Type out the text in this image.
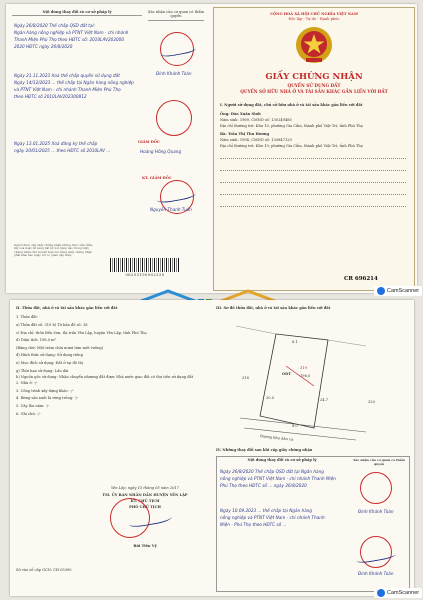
Nội dung thay đổi và cơ sở pháp lý	Xác nhận của cơ quan có thẩm quyền
Ngày 26/8/2020 Thế chấp QSD đất tại:
Ngân hàng nông nghiệp và PTNT Việt Nam - chi nhánh
Thanh Miện Phú Thọ theo HĐTC số: 2010LAV202000
2020 HĐTC ngày 26/8/2020
Ngày 21.11.2023 Xoá thế chấp quyền sử dụng đất
Ngày 14/12/2023 ... thế chấp tại Ngân hàng nông nghiệp
và PTNT Việt Nam - chi nhánh Thanh Miện Phú Thọ
theo HĐTC số 2010LAV202300812
Ngày 13.01.2025 Xoá đăng ký thế chấp
ngày 20/01/2025 ... theo HĐTC số 2010LAV ...
Đinh Khánh Toàn
GIÁM ĐỐC
Hoàng Hồng Quang
KT. GIÁM ĐỐC
Nguyễn Thanh Tuấn
Người được cấp Giấy chứng nhận không được sửa chữa, tẩy xoá hoặc bổ sung bất kỳ nội dung nào trong Giấy chứng nhận; khi bị mất hoặc hư hỏng Giấy chứng nhận phải khai báo ngay với cơ quan cấp Giấy.
06253190002330
CỘNG HOÀ XÃ HỘI CHỦ NGHĨA VIỆT NAM
Độc lập - Tự do - Hạnh phúc
GIẤY CHỨNG NHẬN
QUYỀN SỬ DỤNG ĐẤT
QUYỀN SỞ HỮU NHÀ Ở VÀ TÀI SẢN KHÁC GẮN LIỀN VỚI ĐẤT
I. Người sử dụng đất, chủ sở hữu nhà ở và tài sản khác gắn liền với đất
Ông: Đào Xuân Sinh
Năm sinh: 1969, CMND số: 130249485
Địa chỉ thường trú: Khu 10, phường Gia Cẩm, thành phố Việt Trì, tỉnh Phú Thọ
Bà: Trần Thị Thu Hương
Năm sinh: 1994, CMND số: 130847129
Địa chỉ thường trú: Khu 10, phường Gia Cẩm, thành phố Việt Trì, tỉnh Phú Thọ
CR 696214
CamScanner
II. Thửa đất, nhà ở và tài sản khác gắn liền với đất
1. Thửa đất:
a) Thửa đất số: 319 b) Tờ bản đồ số: 18
c) Địa chỉ: thôn Bến Sơn, thị trấn Yên Lập, huyện Yên Lập, tỉnh Phú Thọ
d) Diện tích: 198,0 m²
(Bằng chữ: Một trăm chín mươi tám mét vuông)
đ) Hình thức sử dụng: Sử dụng riêng
e) Mục đích sử dụng: Đất ở tại đô thị
g) Thời hạn sử dụng: Lâu dài
h) Nguồn gốc sử dụng: Nhận chuyển nhượng đất được Nhà nước giao đất có thu tiền sử dụng đất
2. Nhà ở: -/-
3. Công trình xây dựng khác: -/-
4. Rừng sản xuất là rừng trồng: -/-
5. Cây lâu năm: -/-
6. Ghi chú: -/-
Yên Lập, ngày 15 tháng 05 năm 2017
TM. ỦY BAN NHÂN DÂN HUYỆN YÊN LẬP
KT. CHỦ TỊCH
PHÓ CHỦ TỊCH
Bùi Tiến Vỹ
Số vào sổ cấp GCN: CH 05390
III. Sơ đồ thửa đất, nhà ở và tài sản khác gắn liền với đất
ODT
319
198,0
318
320
Đường khu dân cư
20.0	24.7
8.0
8.1
IV. Những thay đổi sau khi cấp giấy chứng nhận
Nội dung thay đổi và cơ sở pháp lý	Xác nhận của cơ quan có thẩm quyền
Ngày 26/8/2020 Thế chấp QSD đất tại Ngân hàng
nông nghiệp và PTNT Việt Nam - chi nhánh Thanh Miện
Phú Thọ theo HĐTC số ... ngày 26/8/2020
Ngày 10.09.2023 ... thế chấp tại Ngân hàng
nông nghiệp và PTNT Việt Nam - chi nhánh Thanh
Miện - Phú Thọ theo HĐTC số ...
Đinh Khánh Toàn
Đinh Khánh Toàn
CamScanner
